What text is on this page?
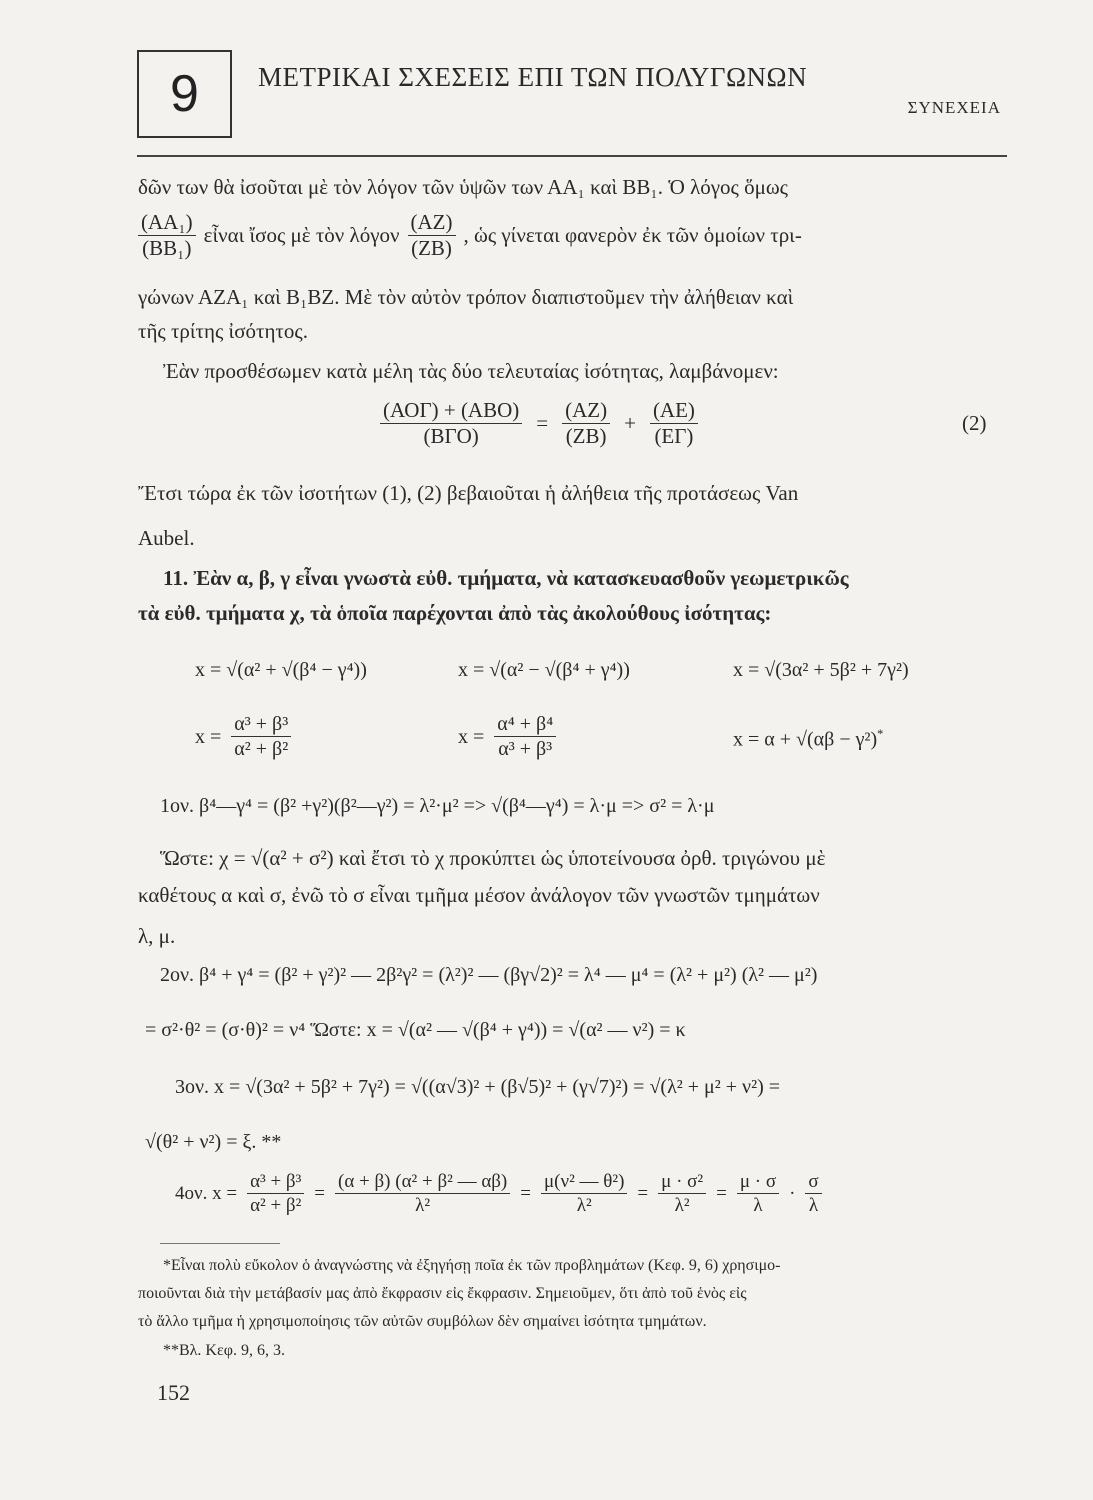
9 ΜΕΤΡΙΚΑΙ ΣΧΕΣΕΙΣ ΕΠΙ ΤΩΝ ΠΟΛΥΓΩΝΩΝ
ΣΥΝΕΧΕΙΑ
δῶν των θὰ ἰσοῦται μὲ τὸν λόγον τῶν ὑψῶν των ΑΑ₁ καὶ ΒΒ₁. Ὁ λόγος ὅμως
$\frac{\text{(ΑΑ₁)}}{\text{(ΒΒ₁)}}$ εἶναι ἴσος μὲ τὸν λόγον $\frac{(AZ)}{(ZB)}$ , ὡς γίνεται φανερὸν ἐκ τῶν ὁμοίων τρι-
γώνων ΑΖΑ₁ καὶ Β₁ΒΖ. Μὲ τὸν αὐτὸν τρόπον διαπιστοῦμεν τὴν ἀλήθειαν καὶ
τῆς τρίτης ἰσότητος.
Ἐὰν προσθέσωμεν κατὰ μέλη τὰς δύο τελευταίας ἰσότητας, λαμβάνομεν:
$\frac{\text{(ΑΟΓ) + (ΑΒΟ)}}{\text{(ΒΓΟ)}} = \frac{(AZ)}{(ZB)} + \frac{(AE)}{(E\Gamma)}$	(2)
Ἔτσι τώρα ἐκ τῶν ἰσοτήτων (1), (2) βεβαιοῦται ἡ ἀλήθεια τῆς προτάσεως Van
Aubel.
11. Ἐὰν α, β, γ εἶναι γνωστὰ εὐθ. τμήματα, νὰ κατασκευασθοῦν γεωμετρικῶς
τὰ εὐθ. τμήματα χ, τὰ ὁποῖα παρέχονται ἀπὸ τὰς ἀκολούθους ἰσότητας:
x = √(α² + √(β⁴ − γ⁴))	x = √(α² − √(β⁴ + γ⁴))	x = √(3α² + 5β² + 7γ²)
$x = \frac{\text{α³ + β³}}{\text{α² + β²}}$	$x = \frac{\text{α⁴ + β⁴}}{\text{α³ + β³}}$	x = α + √(αβ − γ²)*
1ον. β⁴—γ⁴ = (β² +γ²)(β²—γ²) = λ²·μ² => √(β⁴—γ⁴) = λ·μ => σ² = λ·μ
Ὥστε: χ = √(α² + σ²) καὶ ἔτσι τὸ χ προκύπτει ὡς ὑποτείνουσα ὀρθ. τριγώνου μὲ
καθέτους α καὶ σ, ἐνῶ τὸ σ εἶναι τμῆμα μέσον ἀνάλογον τῶν γνωστῶν τμημάτων
λ, μ.
2ον. β⁴ + γ⁴ = (β² + γ²)² — 2β²γ² = (λ²)² — (βγ√2)² = λ⁴ — μ⁴ = (λ² + μ²) (λ² — μ²)
= σ²·θ² = (σ·θ)² = ν⁴ Ὥστε: x = √(α² — √(β⁴ + γ⁴)) = √(α² — ν²) = κ
3ον. x = √(3α² + 5β² + 7γ²) = √((α√3)² + (β√5)² + (γ√7)²) = √(λ² + μ² + ν²) =
√(θ² + ν²) = ξ. **
4ον. $x = \frac{\text{α³ + β³}}{\text{α² + β²}} = \frac{\text{(α + β) (α² + β² — αβ)}}{\text{λ²}} = \frac{\text{μ(ν² — θ²)}}{\text{λ²}} = \frac{\text{μ · σ²}}{\text{λ²}} = \frac{\mu \cdot \sigma}{\lambda} \cdot \frac{\sigma}{\lambda}$
*Εἶναι πολὺ εὔκολον ὁ ἀναγνώστης νὰ ἐξηγήσῃ ποῖα ἐκ τῶν προβλημάτων (Κεφ. 9, 6) χρησιμο-
ποιοῦνται διὰ τὴν μετάβασίν μας ἀπὸ ἔκφρασιν εἰς ἔκφρασιν. Σημειοῦμεν, ὅτι ἀπὸ τοῦ ἑνὸς εἰς
τὸ ἄλλο τμῆμα ἡ χρησιμοποίησις τῶν αὐτῶν συμβόλων δὲν σημαίνει ἰσότητα τμημάτων.
**Βλ. Κεφ. 9, 6, 3.
152
